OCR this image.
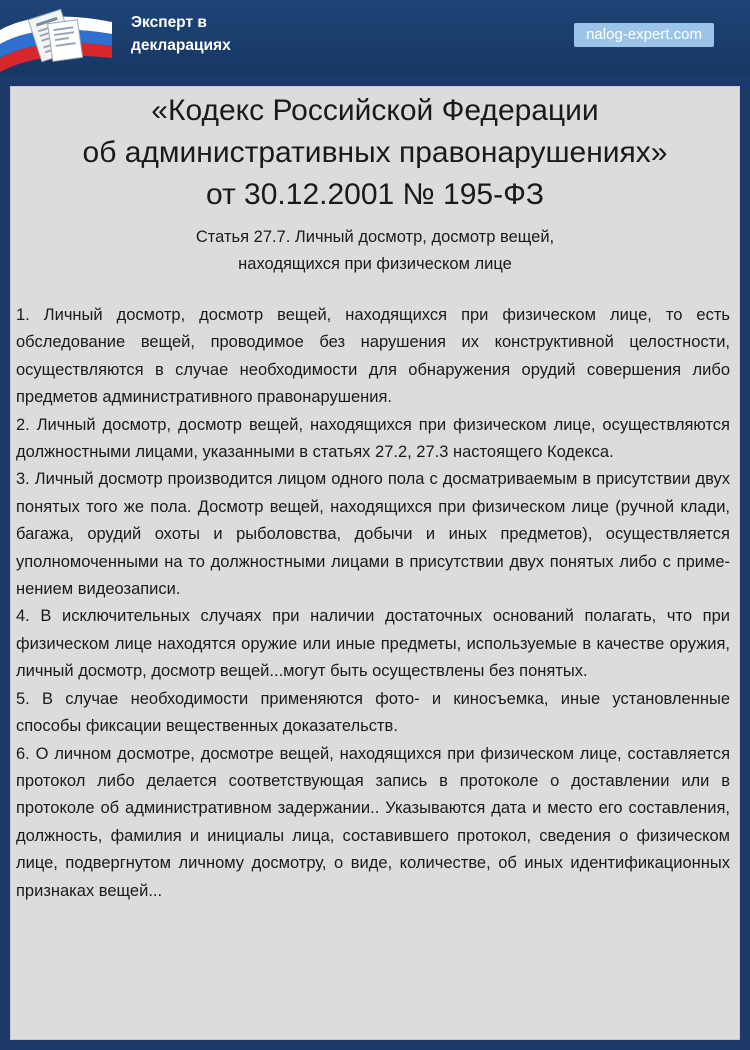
Эксперт в
декларациях
nalog-expert.com
«Кодекс Российской Федерации
об административных правонарушениях»
от 30.12.2001 № 195-ФЗ
Статья 27.7. Личный досмотр, досмотр вещей,
находящихся при физическом лице

1. Личный досмотр, досмотр вещей, находящихся при физическом лице, то есть обследование вещей, проводимое без нарушения их конструктивной целостности, осуществляются в случае необходимости для обнаружения орудий совершения либо предметов административного правонарушения.

2. Личный досмотр, досмотр вещей, находящихся при физическом лице, осуществляются должностными лицами, указанными в статьях 27.2, 27.3 настоящего Кодекса.

3. Личный досмотр производится лицом одного пола с досматриваемым в присутствии двух понятых того же пола. Досмотр вещей, находящихся при физическом лице (ручной клади, багажа, орудий охоты и рыболовства, добычи и иных предметов), осуществляется уполномоченными на то должностными лицами в присутствии двух понятых либо с применением видеозаписи.

4. В исключительных случаях при наличии достаточных оснований полагать, что при физическом лице находятся оружие или иные предметы, используемые в качестве оружия, личный досмотр, досмотр вещей...могут быть осуществлены без понятых.

5. В случае необходимости применяются фото- и киносъемка, иные установленные способы фиксации вещественных доказательств.

6. О личном досмотре, досмотре вещей, находящихся при физическом лице, составляется протокол либо делается соответствующая запись в протоколе о доставлении или в протоколе об административном задержании.. Указываются дата и место его составления, должность, фамилия и инициалы лица, составившего протокол, сведения о физическом лице, подвергнутом личному досмотру, о виде, количестве, об иных идентификационных признаках вещей...
